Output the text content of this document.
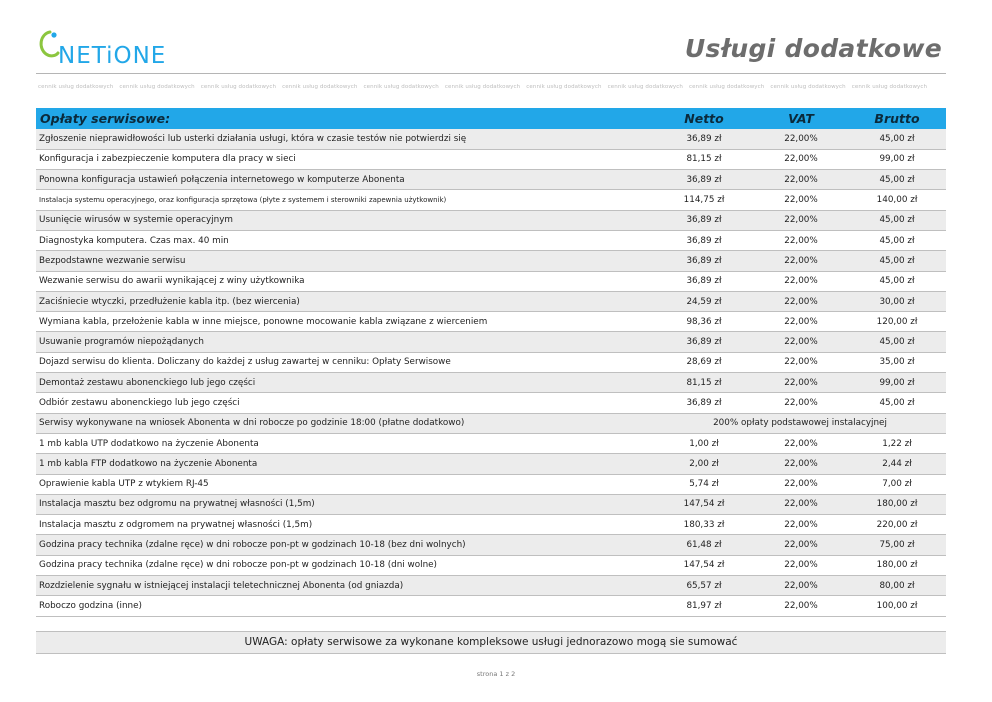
NETiONE	Usługi dodatkowe
cennik usług dodatkowych cennik usług dodatkowych cennik usług dodatkowych cennik usług dodatkowych cennik usług dodatkowych cennik usług dodatkowych cennik usług dodatkowych cennik usług dodatkowych cennik usług dodatkowych cennik usług dodatkowych cennik usług dodatkowych
Opłaty serwisowe:	Netto	VAT	Brutto
Zgłoszenie nieprawidłowości lub usterki działania usługi, która w czasie testów nie potwierdzi się	36,89 zł	22,00%	45,00 zł
Konfiguracja i zabezpieczenie komputera dla pracy w sieci	81,15 zł	22,00%	99,00 zł
Ponowna konfiguracja ustawień połączenia internetowego w komputerze Abonenta	36,89 zł	22,00%	45,00 zł
Instalacja systemu operacyjnego, oraz konfiguracja sprzętowa (płyte z systemem i sterowniki zapewnia użytkownik)	114,75 zł	22,00%	140,00 zł
Usunięcie wirusów w systemie operacyjnym	36,89 zł	22,00%	45,00 zł
Diagnostyka komputera. Czas max. 40 min	36,89 zł	22,00%	45,00 zł
Bezpodstawne wezwanie serwisu	36,89 zł	22,00%	45,00 zł
Wezwanie serwisu do awarii wynikającej z winy użytkownika	36,89 zł	22,00%	45,00 zł
Zaciśniecie wtyczki, przedłużenie kabla itp. (bez wiercenia)	24,59 zł	22,00%	30,00 zł
Wymiana kabla, przełożenie kabla w inne miejsce, ponowne mocowanie kabla związane z wierceniem	98,36 zł	22,00%	120,00 zł
Usuwanie programów niepożądanych	36,89 zł	22,00%	45,00 zł
Dojazd serwisu do klienta. Doliczany do każdej z usług zawartej w cenniku: Opłaty Serwisowe	28,69 zł	22,00%	35,00 zł
Demontaż zestawu abonenckiego lub jego części	81,15 zł	22,00%	99,00 zł
Odbiór zestawu abonenckiego lub jego części	36,89 zł	22,00%	45,00 zł
Serwisy wykonywane na wniosek Abonenta w dni robocze po godzinie 18:00 (płatne dodatkowo)	200% opłaty podstawowej instalacyjnej		
1 mb kabla UTP dodatkowo na życzenie Abonenta	1,00 zł	22,00%	1,22 zł
1 mb kabla FTP dodatkowo na życzenie Abonenta	2,00 zł	22,00%	2,44 zł
Oprawienie kabla UTP z wtykiem RJ-45	5,74 zł	22,00%	7,00 zł
Instalacja masztu bez odgromu na prywatnej własności (1,5m)	147,54 zł	22,00%	180,00 zł
Instalacja masztu z odgromem na prywatnej własności (1,5m)	180,33 zł	22,00%	220,00 zł
Godzina pracy technika (zdalne ręce) w dni robocze pon-pt w godzinach 10-18 (bez dni wolnych)	61,48 zł	22,00%	75,00 zł
Godzina pracy technika (zdalne ręce) w dni robocze pon-pt w godzinach 10-18 (dni wolne)	147,54 zł	22,00%	180,00 zł
Rozdzielenie sygnału w istniejącej instalacji teletechnicznej Abonenta (od gniazda)	65,57 zł	22,00%	80,00 zł
Roboczo godzina (inne)	81,97 zł	22,00%	100,00 zł
UWAGA: opłaty serwisowe za wykonane kompleksowe usługi jednorazowo mogą sie sumować
strona 1 z 2
